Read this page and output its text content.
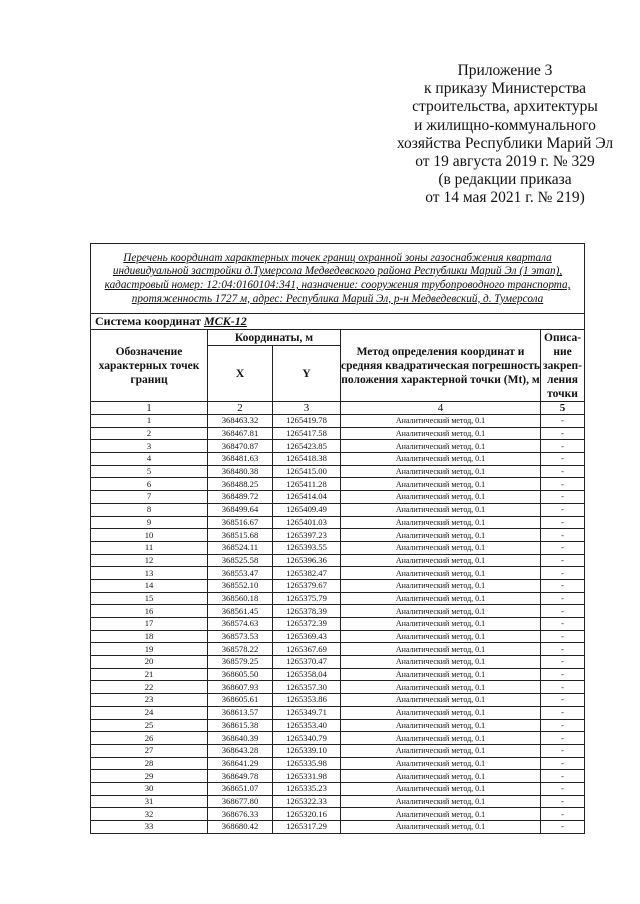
Приложение 3
к приказу Министерства
строительства, архитектуры
и жилищно-коммунального
хозяйства Республики Марий Эл
от 19 августа 2019 г. № 329
(в редакции приказа
от 14 мая 2021 г. № 219)
Перечень координат характерных точек границ охранной зоны газоснабжения квартала индивидуальной застройки д.Тумерсола Медведевского района Республики Марий Эл (1 этап), кадастровый номер: 12:04:0160104:341, назначение: сооружения трубопроводного транспорта, протяженность 1727 м, адрес: Республика Марий Эл, р-н Медведевский, д. Тумерсола				
Система координат МСК-12				
Обозначение характерных точек границ	Координаты, м		Метод определения координат и средняя квадратическая погрешность положения характерной точки (Mt), м	Описа-ние закреп-ления точки
	X	Y		
1	2	3	4	5
1	368463.32	1265419.78	Аналитический метод, 0.1	-
2	368467.81	1265417.58	Аналитический метод, 0.1	-
3	368470.87	1265423.85	Аналитический метод, 0.1	-
4	368481.63	1265418.38	Аналитический метод, 0.1	-
5	368480.38	1265415.00	Аналитический метод, 0.1	-
6	368488.25	1265411.28	Аналитический метод, 0.1	-
7	368489.72	1265414.04	Аналитический метод, 0.1	-
8	368499.64	1265409.49	Аналитический метод, 0.1	-
9	368516.67	1265401.03	Аналитический метод, 0.1	-
10	368515.68	1265397.23	Аналитический метод, 0.1	-
11	368524.11	1265393.55	Аналитический метод, 0.1	-
12	368525.58	1265396.36	Аналитический метод, 0.1	-
13	368553.47	1265382.47	Аналитический метод, 0.1	-
14	368552.10	1265379.67	Аналитический метод, 0.1	-
15	368560.18	1265375.79	Аналитический метод, 0.1	-
16	368561.45	1265378.39	Аналитический метод, 0.1	-
17	368574.63	1265372.39	Аналитический метод, 0.1	-
18	368573.53	1265369.43	Аналитический метод, 0.1	-
19	368578.22	1265367.69	Аналитический метод, 0.1	-
20	368579.25	1265370.47	Аналитический метод, 0.1	-
21	368605.50	1265358.04	Аналитический метод, 0.1	-
22	368607.93	1265357.30	Аналитический метод, 0.1	-
23	368605.61	1265353.86	Аналитический метод, 0.1	-
24	368613.57	1265349.71	Аналитический метод, 0.1	-
25	368615.38	1265353.40	Аналитический метод, 0.1	-
26	368640.39	1265340.79	Аналитический метод, 0.1	-
27	368643.28	1265339.10	Аналитический метод, 0.1	-
28	368641.29	1265335.98	Аналитический метод, 0.1	-
29	368649.78	1265331.98	Аналитический метод, 0.1	-
30	368651.07	1265335.23	Аналитический метод, 0.1	-
31	368677.80	1265322.33	Аналитический метод, 0.1	-
32	368676.33	1265320.16	Аналитический метод, 0.1	-
33	368680.42	1265317.29	Аналитический метод, 0.1	-
